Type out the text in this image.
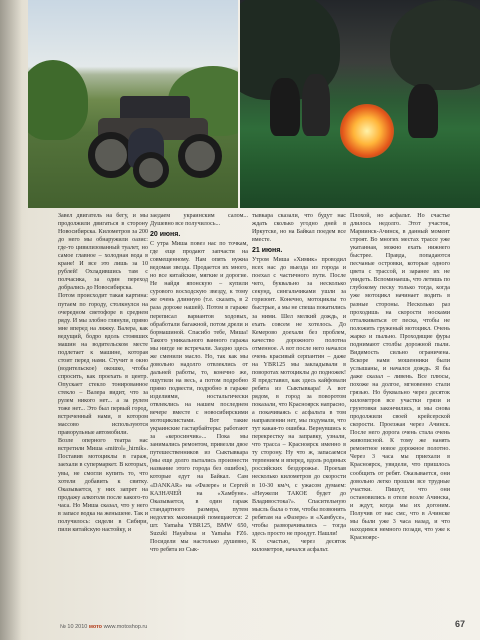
Завел двигатель на бегу, и мы продолжили двигаться в сторону Новосибирска. Километров за 200 до него мы обнаружили оазис: где-то цивилизованный туалет, но самое главное – холодная вода в кране! И все это лишь за 10 рублей! Охладившись там с полчасика, за один переход добрались до Новосибирска.

Потом происходит такая картина: путаем по городу, столкнулся на очередном светофоре в среднем ряду. И мы злобно глянули, прямо мне вперед на ляжку. Валера, как ведущий, бодро вдоль стоявших машин на водительском месте подлетает к машине, которая стоит перед нами. Стучит в окно (водительское) окошко, чтобы спросить, как проехать в центр. Опускает стекло тонированное стекло – Валера видит, что за рулем никого нет... а за рулем тоже нет... Это был первый город, встреченный нами, в котором массово используются праворульные автомобили.

Возле оперного театра нас встретили Миша «mitrol»_hirnik». Поставив мотоциклы в гараж, заехали в супермаркет. В которых, увы, не смогли купить то, что хотели добавить к свитку. Оказывается, у них запрет на продажу алкоголя после какого-то часа. Но Миша сказал, что у него в запасе водка на женьшене. Так и получилось: сидели в Сибири, пили китайскую настойку, и

заедаем украинским салом... Душевно все получилось...

20 июня.

С утра Миша повез нас по точкам, где еще продают запчасти на совмещенному. Нам опять нужна ведомая звезда. Продается их много, но все китайские, мягкие и дорогие. Не найдя японскую – купили сурового восходскую звезду, к тому же очень длинную (т.е. сказать, в 2 раза дороже нашей). Потом в гараже переписал вариантов ходовых, обработали багажной, потом дрели и бормашиной. Спасибо тебе, Миша! Такого уникального ванного гаража мы нигде не встречали. Заодно здесь же сменили масло. Но, так как мы довольно надолго отвлеклись от дальней работы, то, конечно же, ощутили на весь, а потом подробно прямо подвести, подробно в гараже изделиями, ностальгически отвлеклись на нашем последнем вечере вместе с новосибирскими мотоциклистами. Вот такие украинские гастарбайтеры: работают за «керосинчик»... Пока мы занимались ремонтом, привезли двое путешественников из Сыктывкара (мы еще долго пытались произнести название этого города без ошибок), которые едут на Байкал. Сам «DANKAR» на «Фазере» и Сергей КАЗНАЧЕЙ на «Хамбуне». Оказывается, в один гараж стандартного размера, путем недолгих махинаций помещаются: 2 шт. Yamaha YBR125, BMW 650, Suzuki Hayabusa и Yamaha FZ6. Посидели мы настолько душевно, что ребята из Сык-

тывкара сказали, что будут нас ждать сколько угодно дней в Иркутске, но на Байкал поедем все вместе.

21 июня.

Утром Миша «Химик» проводил всех нас до выезда из города и поехал с частичного пути. После чего, буквально за несколько секунд, сингальчиками ушли за горизонт. Конечно, мотоциклы то быстрые, а мы не спеша покатились за ними. Шел мелкий дождь, и ехать совсем не хотелось. До Кемерово доехали без проблем, качество дорожного полотна отменное. А вот после него начался очень красивый серпантин – даже на YBR125 мы закладывали в поворотах мотоциклы до подножек! Я представил, как здесь кайфовали ребята из Сыктывкара! А вот рядом, в город за поворотом показали, что Красноярск напрасно, а покачиваясь с асфальта в том направлении нет, мы подумали, что тут какая-то ошибка. Вернувшись к перекрестку на заправку, узнали, что трасса – Красноярск именно в ту сторону. Ну что ж, запасаемся терпением и вперед, вдоль родиных российских бездорожье. Проехав несколько километров до скорости в 10-30 км/ч, с ужасом думаем: «Неужели ТАКОЕ будет до Владивостока?». Спасительную мысль была о том, чтобы позвонить ребятам на «Фазере» и «Хамбусе», чтобы разворачивались – тогда здесь просто не проедут. Нашли!

К счастью, через десяток километров, начался асфальт.

Плохой, но асфальт. Но счастье длилось недолго. Этот участок, Мариинск-Ачинск, в данный момент строят. Во многих местах трассе уже укатанная, можно ехать нижнего быстрее. Правда, попадаются песчаные островки, которые одного цвета с трассой, и заранее их не увидеть. Вспоминаешь, что летишь по глубокому песку только тогда, когда уже мотоцикл начинает водить в разные стороны. Несколько раз проходишь на скорости носками отталкиваться от песка, чтобы не положить груженый мотоцикл. Очень жарко и пыльно. Проходящие фуры поднимают столбы дорожной пыли. Видимость сильно ограничена. Вскоре нами мошенники были услышаны, и начался дождь. Я бы даже сказал – ливень. Все плюсы, похоже на долгое, мгновенно стали грязью. Но буквально через десяток километров все участки грязи и грунтовки закончились, и мы снова продолжили своей крейсерской скорости. Проезжая через Ачинск. После него дорога очень стала очень живописной. К тому же нанять ремонтное новое дорожное полотно. Через 3 часа мы приехали в Красноярск, увидели, что пришлось сообщить от ребят. Оказывается, они довольно легко прошли все трудные участки. Пишут, что они остановились в отеле возле Ачинска, и ждут, когда мы их догоним. Получив от нас смс, что в Ачинске мы были уже 3 часа назад, и что находимся немного позади, что уже к Красноярс-

№ 10 2010 мото www.motoshop.ru	67
